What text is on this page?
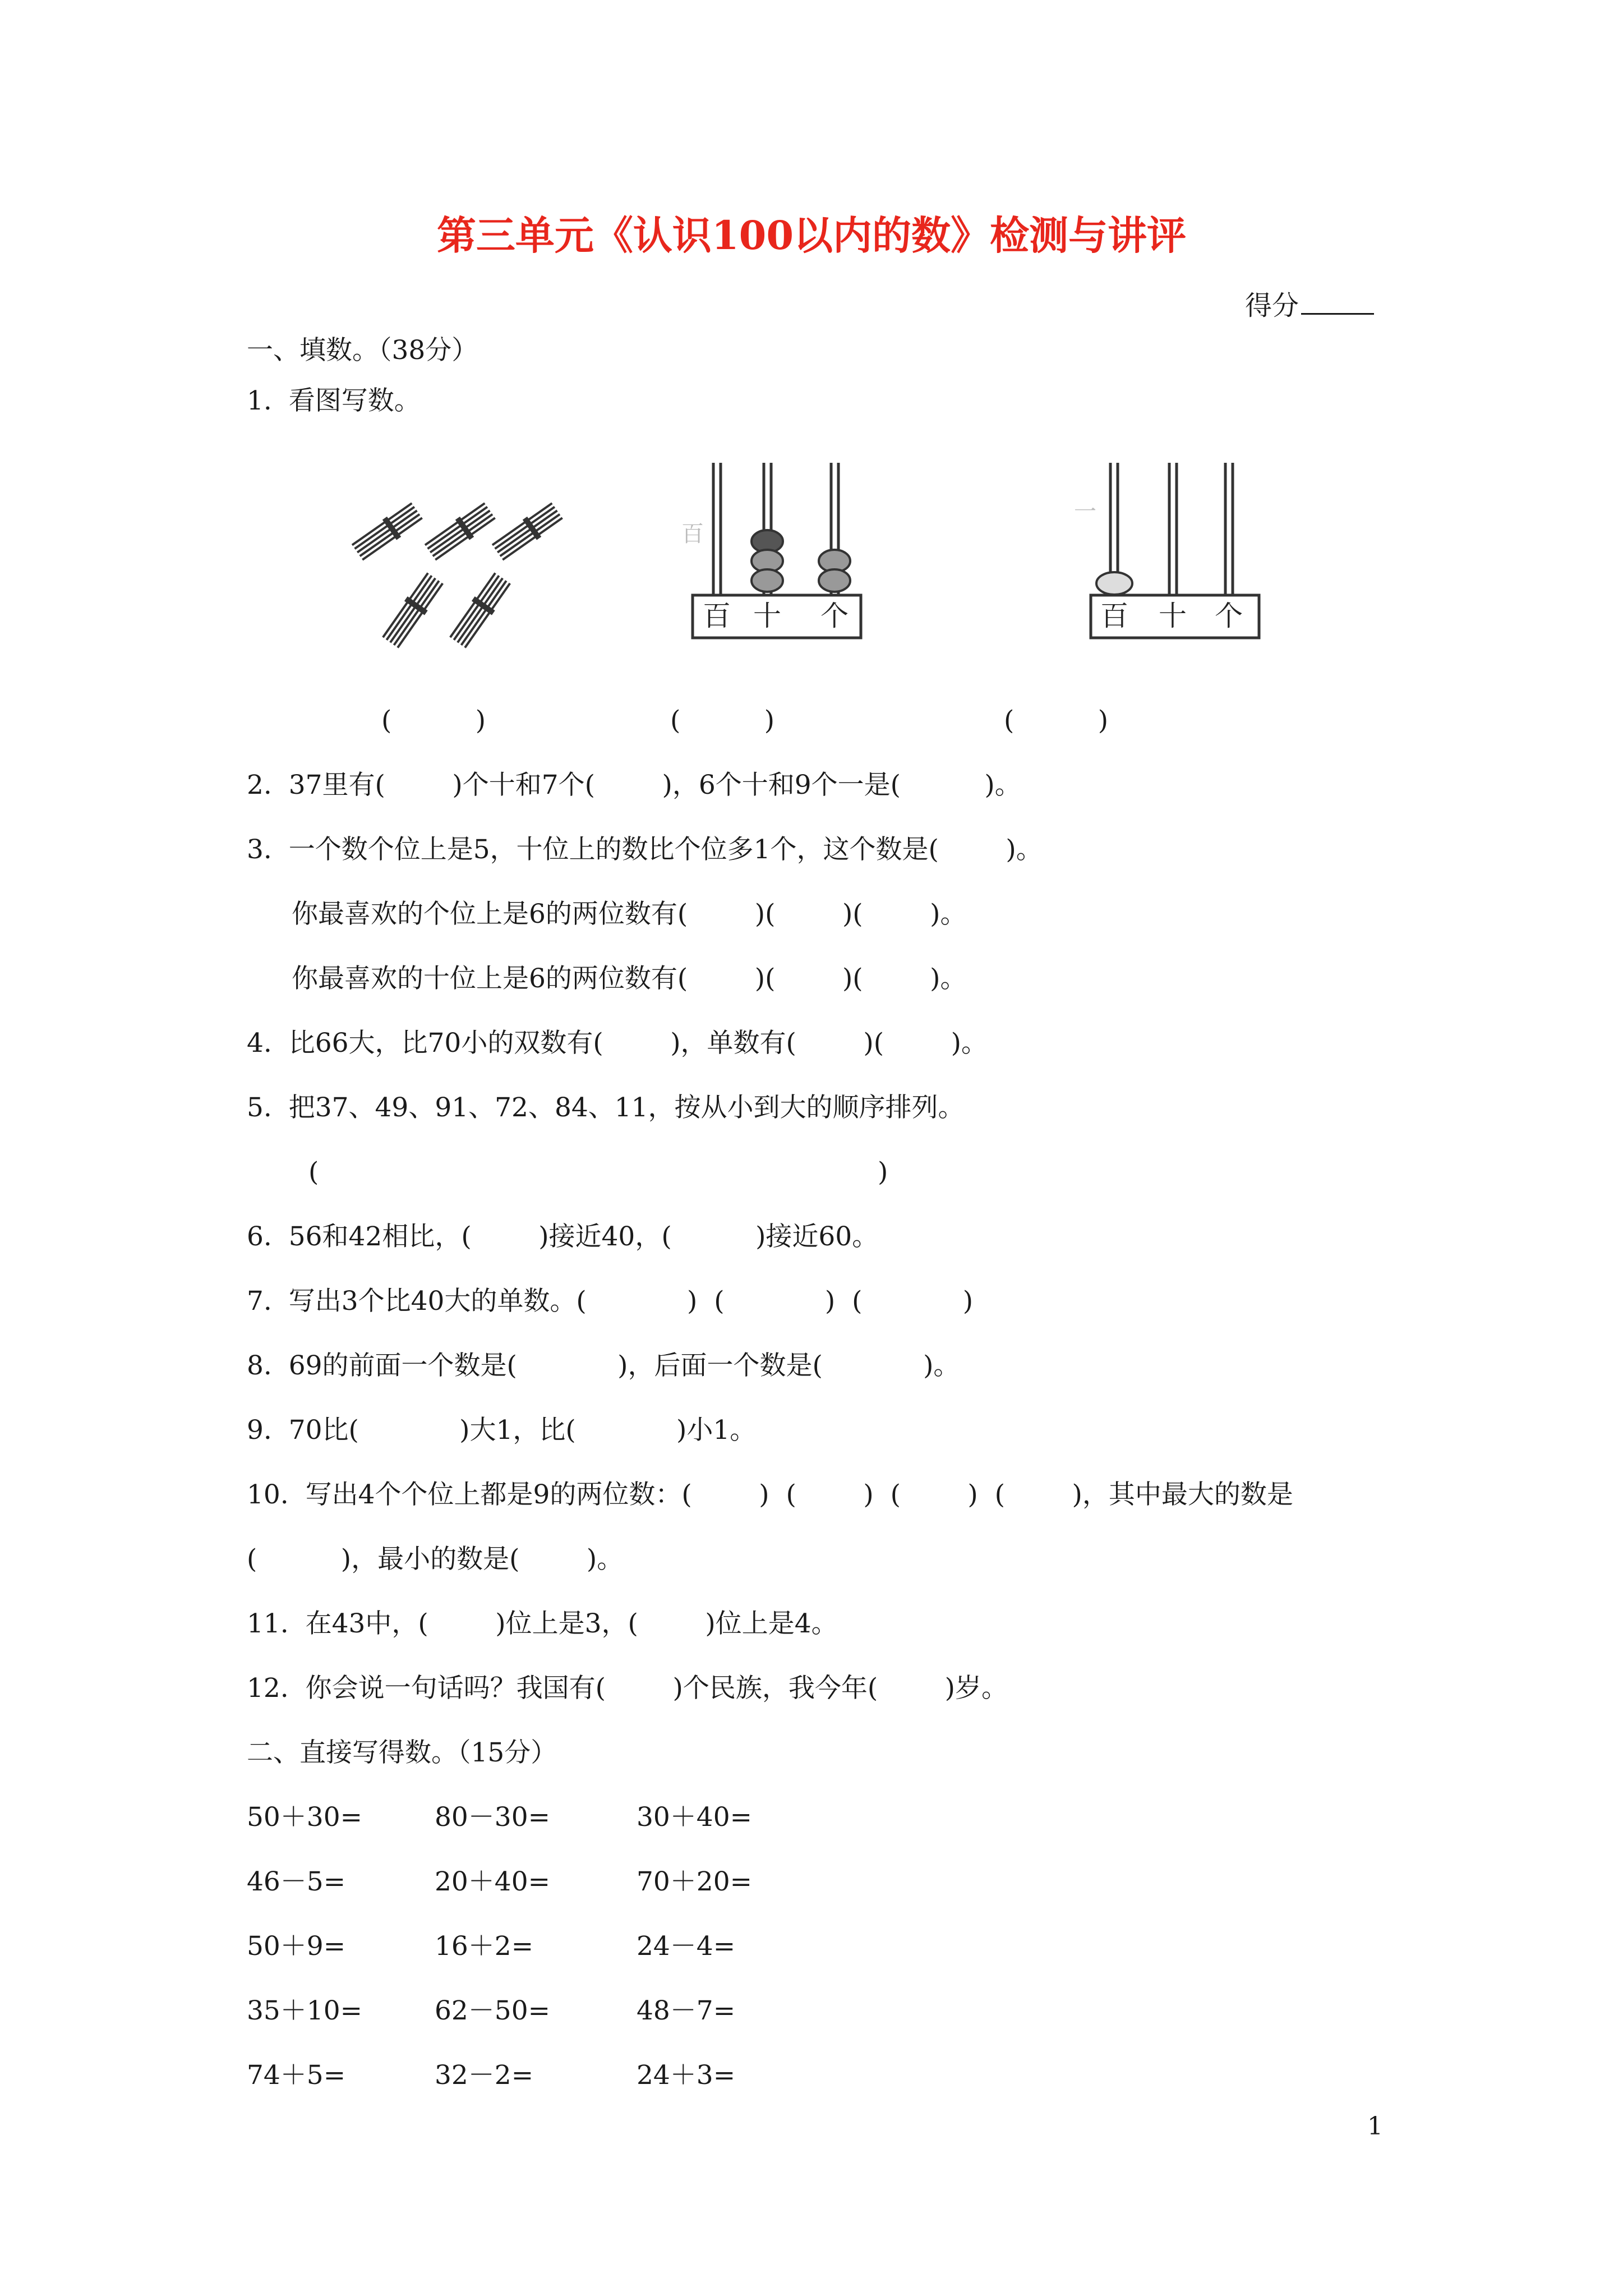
第三单元《认识100以内的数》检测与讲评
得分
一、填数。（38分）
1.  看图写数。
百
百 十 个
一
百 十 个
(          )	(          )	(          )
2.  37里有(        )个十和7个(        )，6个十和9个一是(          )。
3.  一个数个位上是5，十位上的数比个位多1个，这个数是(        )。
你最喜欢的个位上是6的两位数有(        )(        )(        )。
你最喜欢的十位上是6的两位数有(        )(        )(        )。
4.  比66大，比70小的双数有(        )，单数有(        )(        )。
5.  把37、49、91、72、84、11，按从小到大的顺序排列。
(	)
6.  56和42相比，(        )接近40，(          )接近60。
7.  写出3个比40大的单数。(            )  (            )  (            )
8.  69的前面一个数是(            )，后面一个数是(            )。
9.  70比(            )大1，比(            )小1。
10.  写出4个个位上都是9的两位数：(        )  (        )  (        )  (        )，其中最大的数是
(          )，最小的数是(        )。
11.  在43中，(        )位上是3，(        )位上是4。
12.  你会说一句话吗？我国有(        )个民族，我今年(        )岁。
二、直接写得数。（15分）
50＋30=	80－30=	30＋40=
46－5=	20＋40=	70＋20=
50＋9=	16＋2=	24－4=
35＋10=	62－50=	48－7=
74＋5=	32－2=	24＋3=
1
